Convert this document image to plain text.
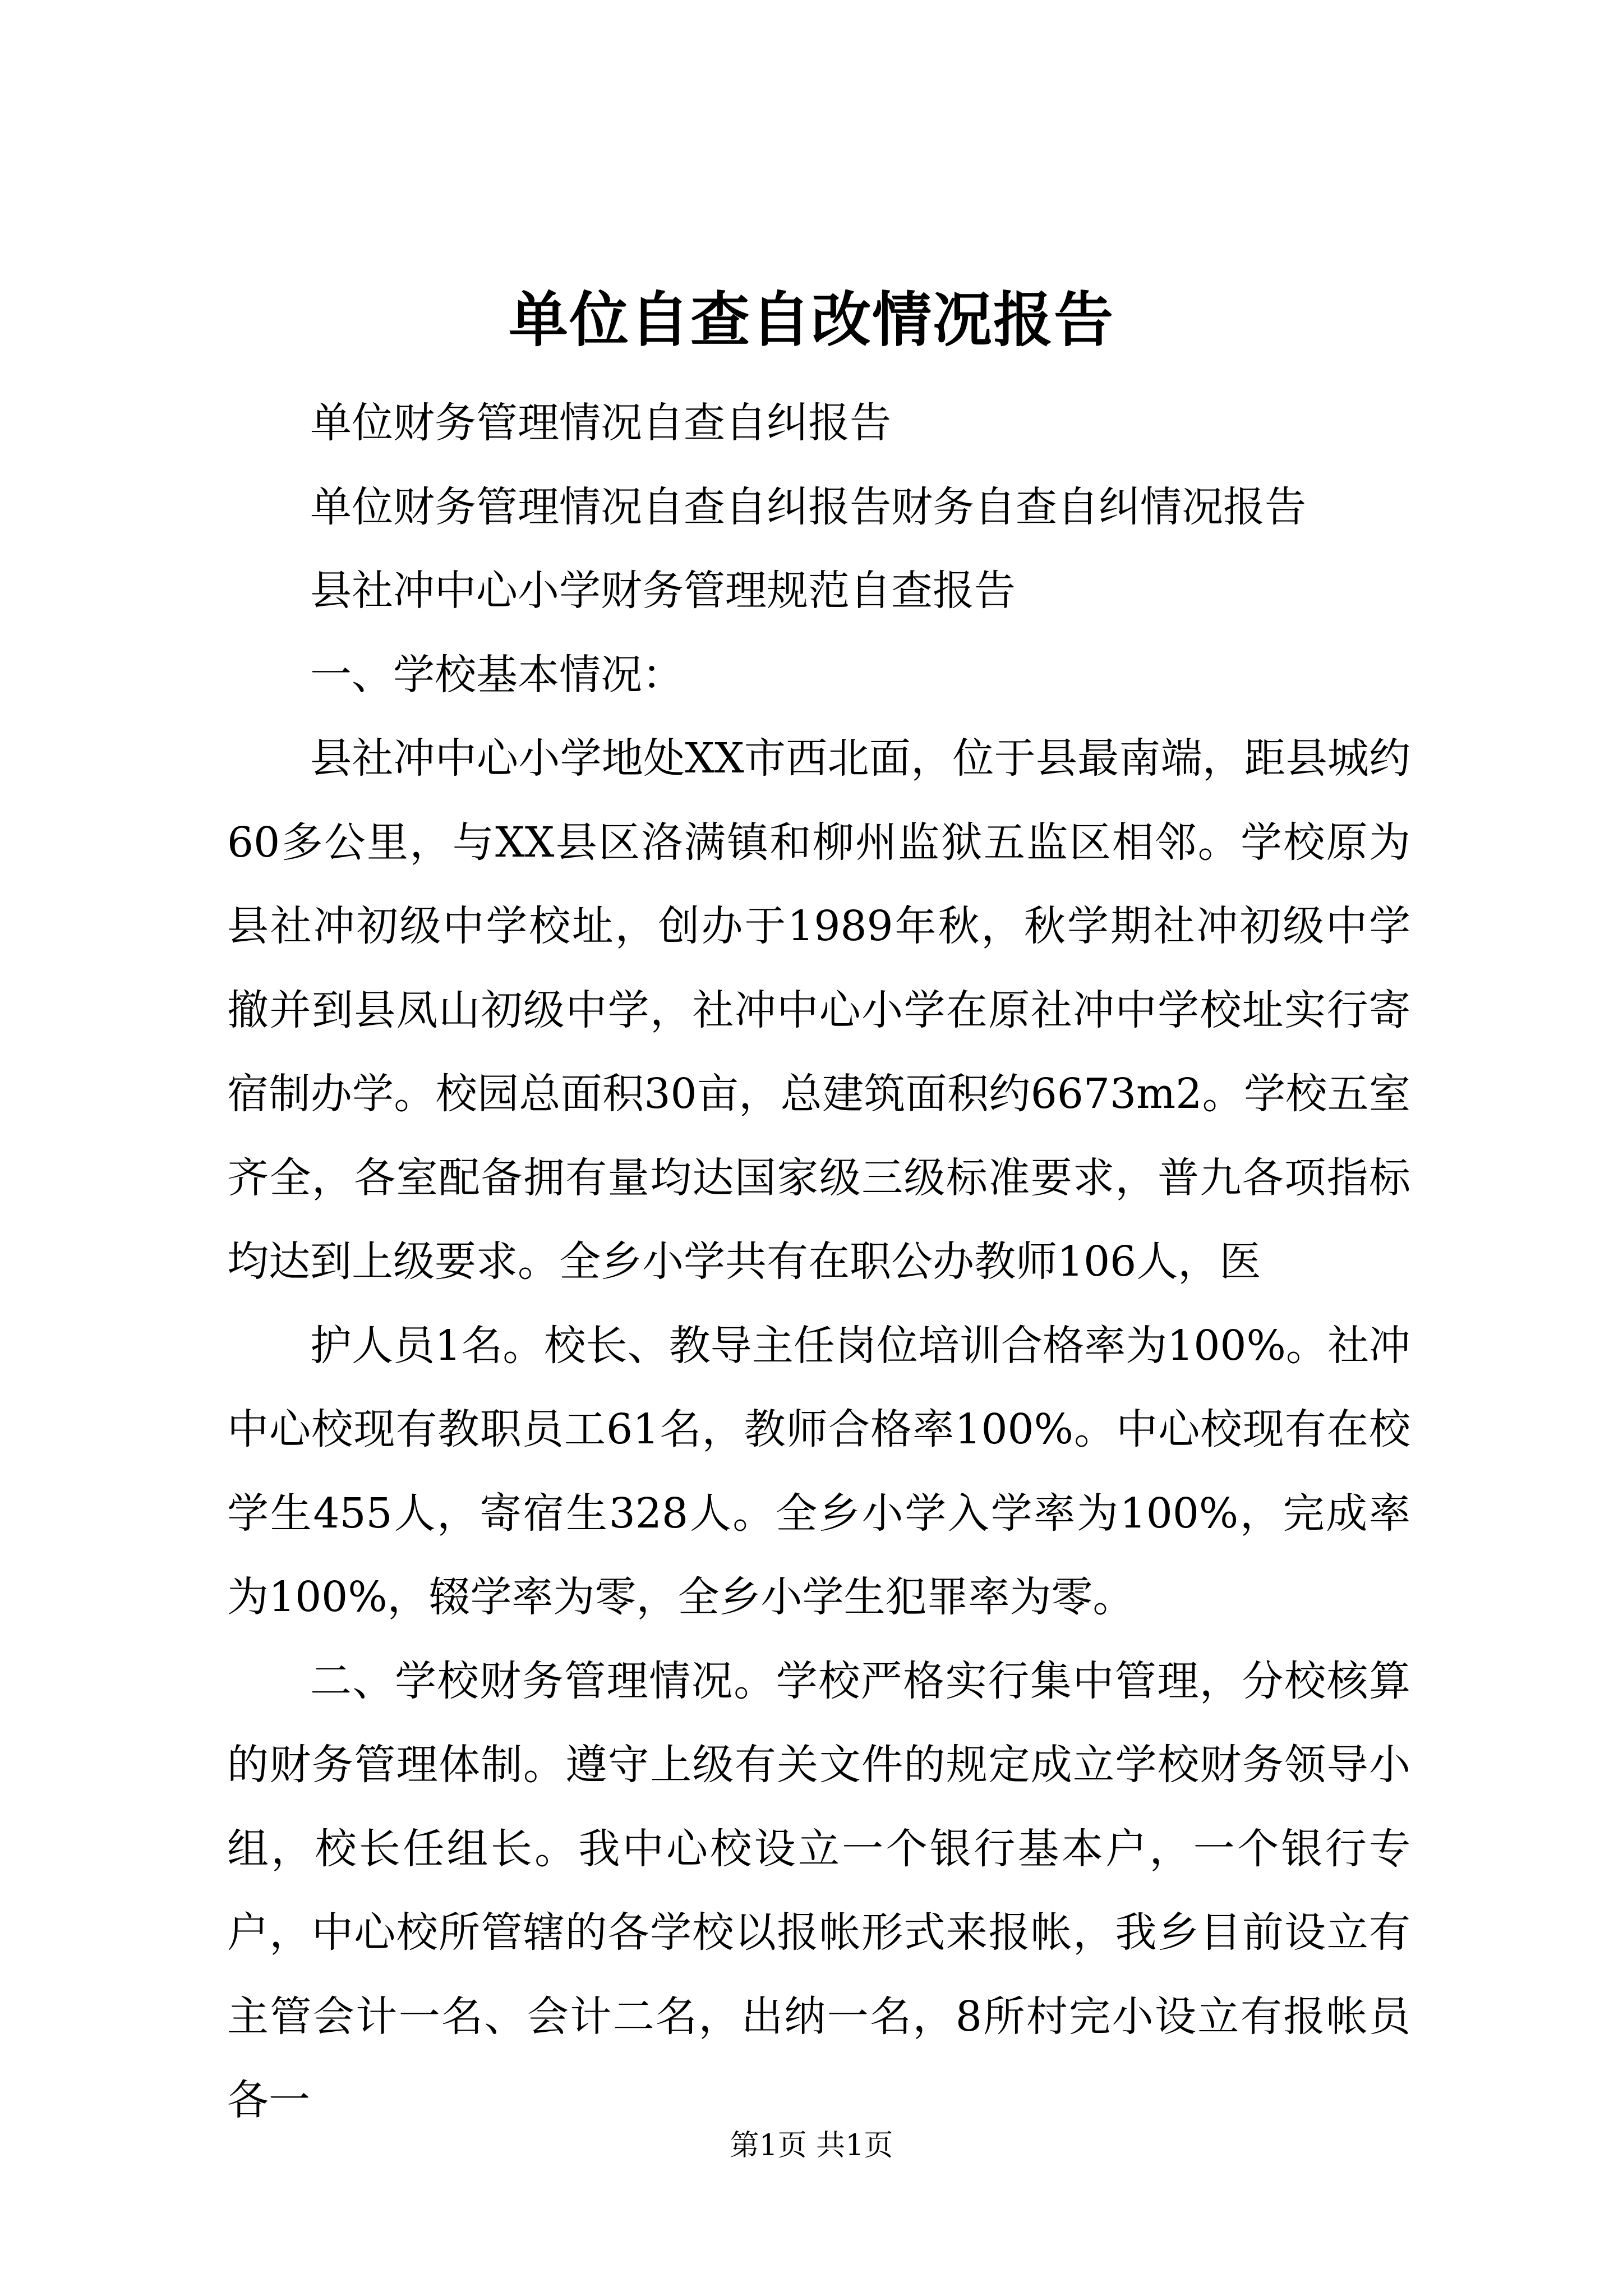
单位自查自改情况报告

单位财务管理情况自查自纠报告

单位财务管理情况自查自纠报告财务自查自纠情况报告

县社冲中心小学财务管理规范自查报告

一、学校基本情况：

县社冲中心小学地处XX市西北面，位于县最南端，距县城约60多公里，与XX县区洛满镇和柳州监狱五监区相邻。学校原为县社冲初级中学校址，创办于1989年秋，秋学期社冲初级中学撤并到县凤山初级中学，社冲中心小学在原社冲中学校址实行寄宿制办学。校园总面积30亩，总建筑面积约6673m2。学校五室齐全，各室配备拥有量均达国家级三级标准要求，普九各项指标均达到上级要求。全乡小学共有在职公办教师106人，医

护人员1名。校长、教导主任岗位培训合格率为100%。社冲中心校现有教职员工61名，教师合格率100%。中心校现有在校学生455人，寄宿生328人。全乡小学入学率为100%，完成率为100%，辍学率为零，全乡小学生犯罪率为零。

二、学校财务管理情况。学校严格实行集中管理，分校核算的财务管理体制。遵守上级有关文件的规定成立学校财务领导小组，校长任组长。我中心校设立一个银行基本户，一个银行专户，中心校所管辖的各学校以报帐形式来报帐，我乡目前设立有主管会计一名、会计二名，出纳一名，8所村完小设立有报帐员各一

第1页 共1页
